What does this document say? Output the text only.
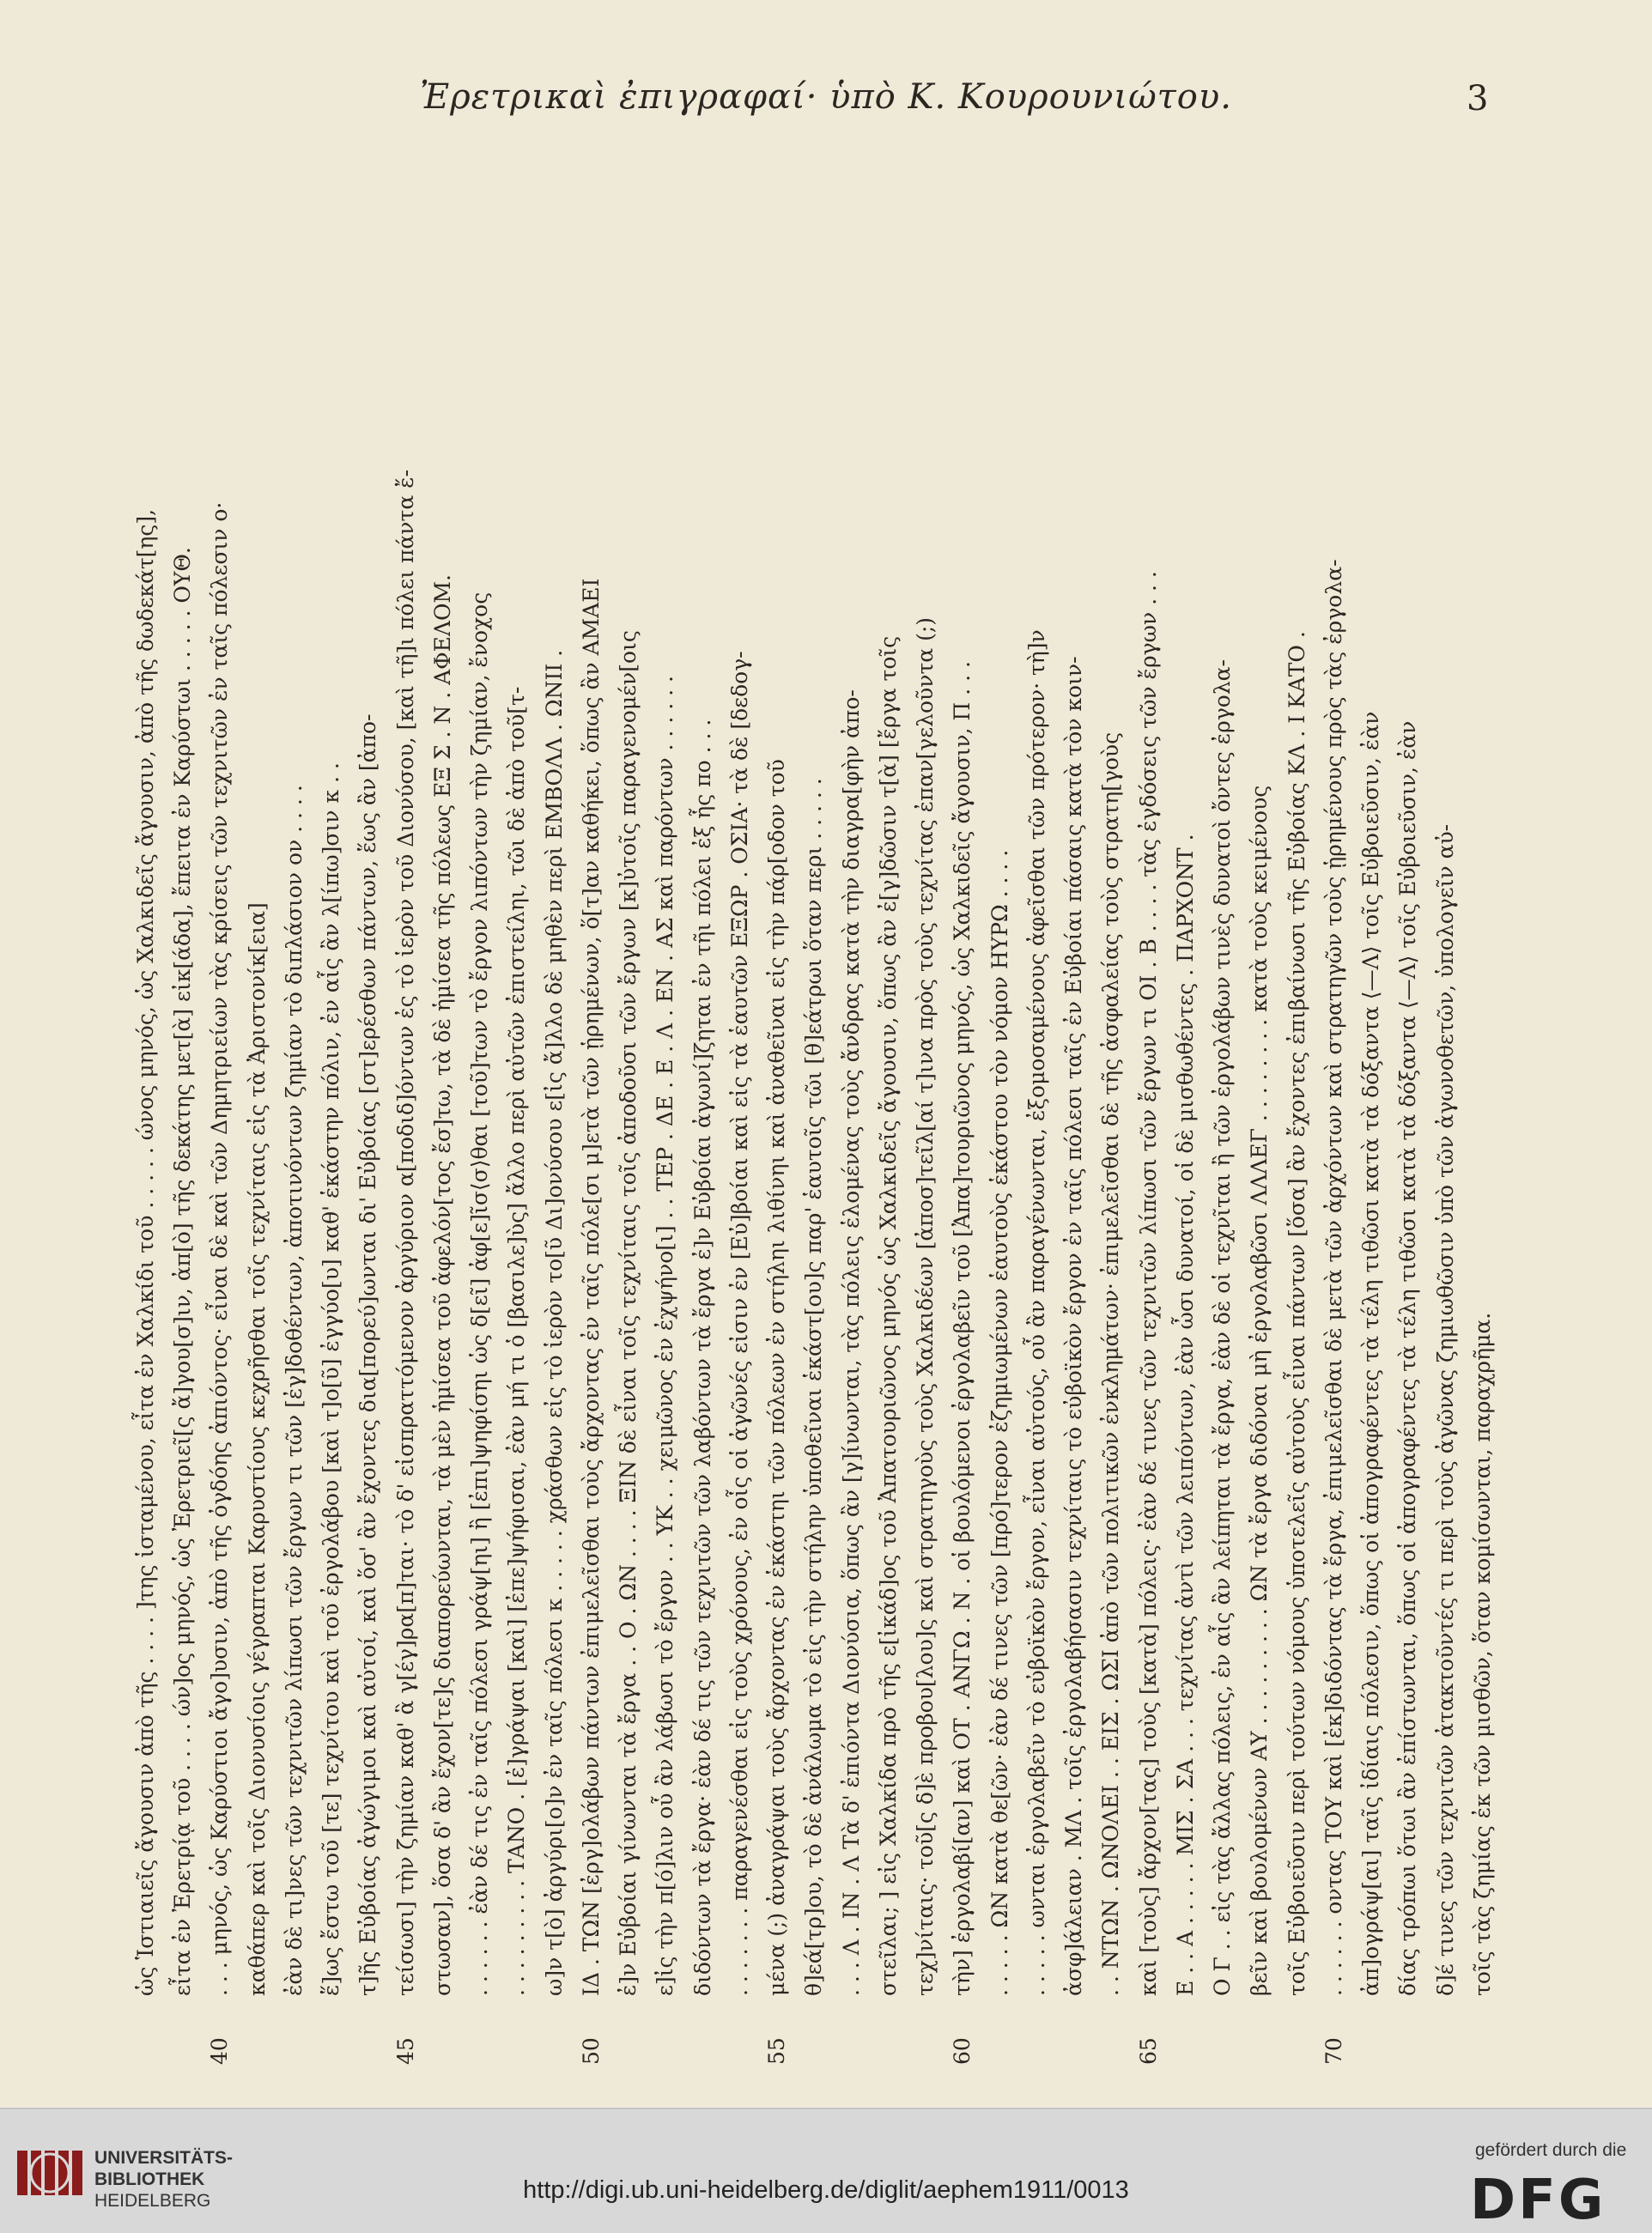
Ἐρετρικαὶ ἐπιγραφαί· ὑπὸ Κ. Κουρουνιώτου.	3
ὡς Ἱστιαιεῖς ἄγουσιν ἀπὸ τῆς . . . . ]της ἱσταμένου, εἶτα ἐν Χαλκίδι τοῦ . . . . . ώνος μηνός, ὡς Χαλκιδεῖς ἄγουσιν, ἀπὸ τῆς δωδεκάτ[ης], εἶτα ἐν Ἐρετρίᾳ τοῦ . . . . ών]ος μηνός, ὡς Ἐρετριεῖ[ς ἄ]γου[σ]ιν, ἀπ[ὸ] τῆς δεκάτης μετ[ὰ] εἰκ[άδα], ἔπειτα ἐν Καρύστωι . . . . . ΟΥΘ.
40
. . . μηνός, ὡς Καρύστιοι ἄγο]υσιν, ἀπὸ τῆς ὀγδόης ἀπιόντος· εἶναι δὲ καὶ τῶν Δημητριείων τὰς κρίσεις τῶν τεχνιτῶν ἐν ταῖς πόλεσιν ο· καθάπερ καὶ τοῖς Διονυσίοις γέγραπται Καρυστίους κεχρῆσθαι τοῖς τεχνίταις εἰς τὰ Ἀριστονίκ[εια] ἐὰν δὲ τι]νες τῶν τεχνιτῶν λίπωσι τῶν ἔργων τι τῶν [ἐγ]δοθέντων, ἀποτινόντων ζημίαν τὸ διπλάσιον ον . . . . ἕ]ως ἔστω τοῦ [τε] τεχνίτου καὶ τοῦ ἐργολάβου [καὶ τ]ο[ῦ] ἐγγύο[υ] καθ' ἑκάστην πόλιν, ἐν αἷς ἂν λ[ίπω]σιν κ . . τ]ῆς Εὐβοίας ἀγώγιμοι καὶ αὐτοί, καὶ ὅσ' ἂν ἔχοντες δια[πορεύ]ωνται δι' Εὐβοίας [στ]ερέσθων πάντων, ἕως ἂν [ἀπο-
45
τείσωσι] τὴν ζημίαν καθ' ἃ γ[έγ]ρα[π]ται· τὸ δ' εἰσπραττόμενον ἀργύριον α[ποδιδ]όντων ἐς τὸ ἱερὸν τοῦ Διονύσου, [καὶ τῆ]ι πόλει πάντα ἔ- στωσαν], ὅσα δ' ἂν ἔχον[τε]ς διαπορεύωνται, τὰ μὲν ἡμίσεα τοῦ ἀφελόν[τος ἔσ]τω, τὰ δὲ ἡμίσεα τῆς πόλεως ΕΞ Σ . Ν . ΑΦΕΛΟΜ. . . . . . . ἐὰν δέ τις ἐν ταῖς πόλεσι γράψ[ηι] ἢ [ἐπι]ψηφίσηι ὡς δ[εῖ] ἀφ[ε]ῖσ⟨σ⟩θαι [τοῦ]των τὸ ἔργον λιπόντων τὴν ζημίαν, ἔνοχος . . . . . . . . . ΤΑΝΟ . [ἐ]γράψαι [καὶ] [ἐπε]ψήφισαι, ἐὰν μή τι ὁ [βασιλε]ὺς] ἄλλο περὶ αὐτῶν ἐπιστείληι, τῶι δὲ ἀπὸ τοῦ[τ- ω]ν τ[ὸ] ἀργύρι[ο]ν ἐν ταῖς πόλεσι κ . . . . . χράσθων εἰς τὸ ἱερὸν το[ῦ Δι]ονύσου ε[ἰς ἄ]λλο δὲ μηθὲν περὶ ΕΜΒΟΛΛ . ΩΝΙΙ .
50
ΙΔ . ΤΩΝ [ἐργ]ολάβων πάντων ἐπιμελεῖσθαι τοὺς ἄρχοντας ἐν ταῖς πόλε[σι μ]ετὰ τῶν ᾑρημένων, ὅ[τ]αν καθήκει, ὅπως ἂν ΑΜΑΕΙ ἐ]ν Εὐβοίαι γίνωνται τὰ ἔργα . . Ο . ΩΝ . . . . ΞΙΝ δὲ εἶναι τοῖς τεχνίταις τοῖς ἀποδοῦσι τῶν ἔργων [κ]ὐτοῖς παραγενομέν[οις ε]ἰς τὴν π[ό]λιν οὗ ἂν λάβωσι τὸ ἔργον . . ΥΚ . . χειμῶνος ἐν ἐχψήνο[ι] . . ΤΕΡ . ΔΕ . Ε . Λ . ΕΝ . ΑΣ καὶ παρόντων . . . . . . διδόντων τὰ ἔργα· ἐὰν δέ τις τῶν τεχνιτῶν τῶν λαβόντων τὰ ἔργα ἐ]ν Εὐβοίαι ἀγωνί]ζηται ἐν τῆι πόλει ἐξ ἧς πο . . . . . . . . . . παραγενέσθαι εἰς τοὺς χρόνους, ἐν οἷς οἱ ἀγῶνές εἰσιν ἐν [Εὐ]βοίαι καὶ εἰς τὰ ἑαυτῶν ΕΞΩΡ . ΟΣΙΑ· τὰ δὲ [δεδογ-
55
μένα (;) ἀναγράψαι τοὺς ἄρχοντας ἐν ἑκάστηι τῶν πόλεων ἐν στήληι λιθίνηι καὶ ἀναθεῖναι εἰς τὴν πάρ[οδον τοῦ θ]εά[τρ]ου, τὸ δὲ ἀνάλωμα τὸ εἰς τὴν στήλην ὑποθεῖναι ἑκάστ[ου]ς παρ' ἑαυτοῖς τῶι [θ]εάτρωι ὅταν περι . . . . . . . . Λ . ΙΝ . Λ Τὰ δ' ἐπιόντα Διονύσια, ὅπως ἂν [γ]ίνωνται, τὰς πόλεις ἑλομένας τοὺς ἄνδρας κατὰ τὴν διαγρα[φὴν ἀπο- στεῖλαι; ] εἰς Χαλκίδα πρὸ τῆς ε[ἰκάδ]ος τοῦ Ἀπατουριῶνος μηνός ὡς Χαλκιδεῖς ἄγουσιν, ὅπως ἂν ἐ[γ]δῶσιν τ[ὰ] [ἔργα τοῖς τεχ]νίταις· τοῦ[ς δ]ὲ προβου[λου]ς καὶ στρατηγοὺς τοὺς Χαλκιδέων [ἀποσ]τεῖλ[αί τ]ινα πρὸς τοὺς τεχνίτας ἐπαν[γελοῦντα (;)
60
τὴν] ἐργολαβί[αν] καὶ ΟΤ . ΑΝΓΩ . Ν . οἱ βουλόμενοι ἐργολαβεῖν τοῦ [Ἀπα]τουριῶνος μηνός, ὡς Χαλκιδεῖς ἄγουσιν, Π . . . . . . . . ΩΝ κατὰ θε[ῶν· ἐὰν δέ τινες τῶν [πρό]τερον ἐζημιωμένων ἑαυτοὺς ἑκάστου τὸν νόμον ΗΥΡΩ . . . . . . . . . ωνται ἐργολαβεῖν τὸ εὐβοϊκὸν ἔργον, εἶναι αὐτούς, οὗ ἂν παραγένωνται, ἐξομοσαμένους ἀφεῖσθαι τῶν πρότερον· τὴ]ν ἀσφ]άλειαν . ΜΛ . τοῖς ἐργολαβήσασιν τεχνίταις τὸ εὐβοϊκὸν ἔργον ἐν ταῖς πόλεσι ταῖς ἐν Εὐβοίαι πάσαις κατὰ τὸν κοιν- . . ΝΤΩΝ . ΩΝΟΛΕΙ . . ΕΙΣ . ΩΣΙ ἀπὸ τῶν πολιτικῶν ἐνκλημάτων· ἐπιμελεῖσθαι δὲ τῆς ἀσφαλείας τοὺς στρατη[γοὺς
65
καὶ [τοὺς] ἄρχον[τας] τοὺς [κατὰ] πόλεις· ἐὰν δέ τινες τῶν τεχνιτῶν λίπωσι τῶν ἔργων τι ΟΙ . Β . . . . τὰς ἐγδόσεις τῶν ἔργων . . . Ε . . Α . . . . . ΜΙΣ . ΣΑ . . . τεχνίτας ἀντὶ τῶν λειπόντων, ἐὰν ὦσι δυνατοί, οἱ δὲ μισθωθέντες . ΠΑΡΧΟΝΤ . Ο Γ . . εἰς τὰς ἄλλας πόλεις, ἐν αἷς ἂν λείπηται τὰ ἔργα, ἐὰν δὲ οἱ τεχνῖται ἢ τῶν ἐργολάβων τινὲς δυνατοὶ ὄντες ἐργολα- βεῖν καὶ βουλομένων ΑΥ . . . . . . . . . ΩΝ τὰ ἔργα διδόναι μὴ ἐργολαβῶσι ΛΛΛΕΓ . . . . . . . . κατὰ τοὺς κειμένους τοῖς Εὐβοιεῦσιν περὶ τούτων νόμους ὑποτελεῖς αὐτοὺς εἶναι πάντων [ὅσα] ἂν ἔχοντες ἐπιβαίνωσι τῆς Εὐβοίας ΚΛ . Ι ΚΑΤΟ .
70
. . . . . . οντας ΤΟΥ καὶ [ἐκ]διδόντας τὰ ἔργα, ἐπιμελεῖσθαι δὲ μετὰ τῶν ἀρχόντων καὶ στρατηγῶν τοὺς ᾑρημένους πρὸς τὰς ἐργολα- ἀπ]ογράψ[αι] ταῖς ἰδίαις πόλεσιν, ὅπως οἱ ἀπογραφέντες τὰ τέλη τιθῶσι κατὰ τὰ δόξαντα ⟨—Λ⟩ τοῖς Εὐβοιεῦσιν, ἐὰν δίας τρόπωι ὅτωι ἂν ἐπίστωνται, ὅπως οἱ ἀπογραφέντες τὰ τέλη τιθῶσι κατὰ τὰ δόξαντα ⟨—Λ⟩ τοῖς Εὐβοιεῦσιν, ἐὰν δ]έ τινες τῶν τεχνιτῶν ἀτακτοῦντές τι περὶ τοὺς ἀγῶνας ζημιωθῶσιν ὑπὸ τῶν ἀγωνοθετῶν, ὑπολογεῖν αὐ- τοῖς τὰς ζημίας ἐκ τῶν μισθῶν, ὅταν κομίσωνται, παραχρῆμα.
UNIVERSITÄTS-
BIBLIOTHEK
HEIDELBERG	http://digi.ub.uni-heidelberg.de/diglit/aephem1911/0013
gefördert durch die
DFG
